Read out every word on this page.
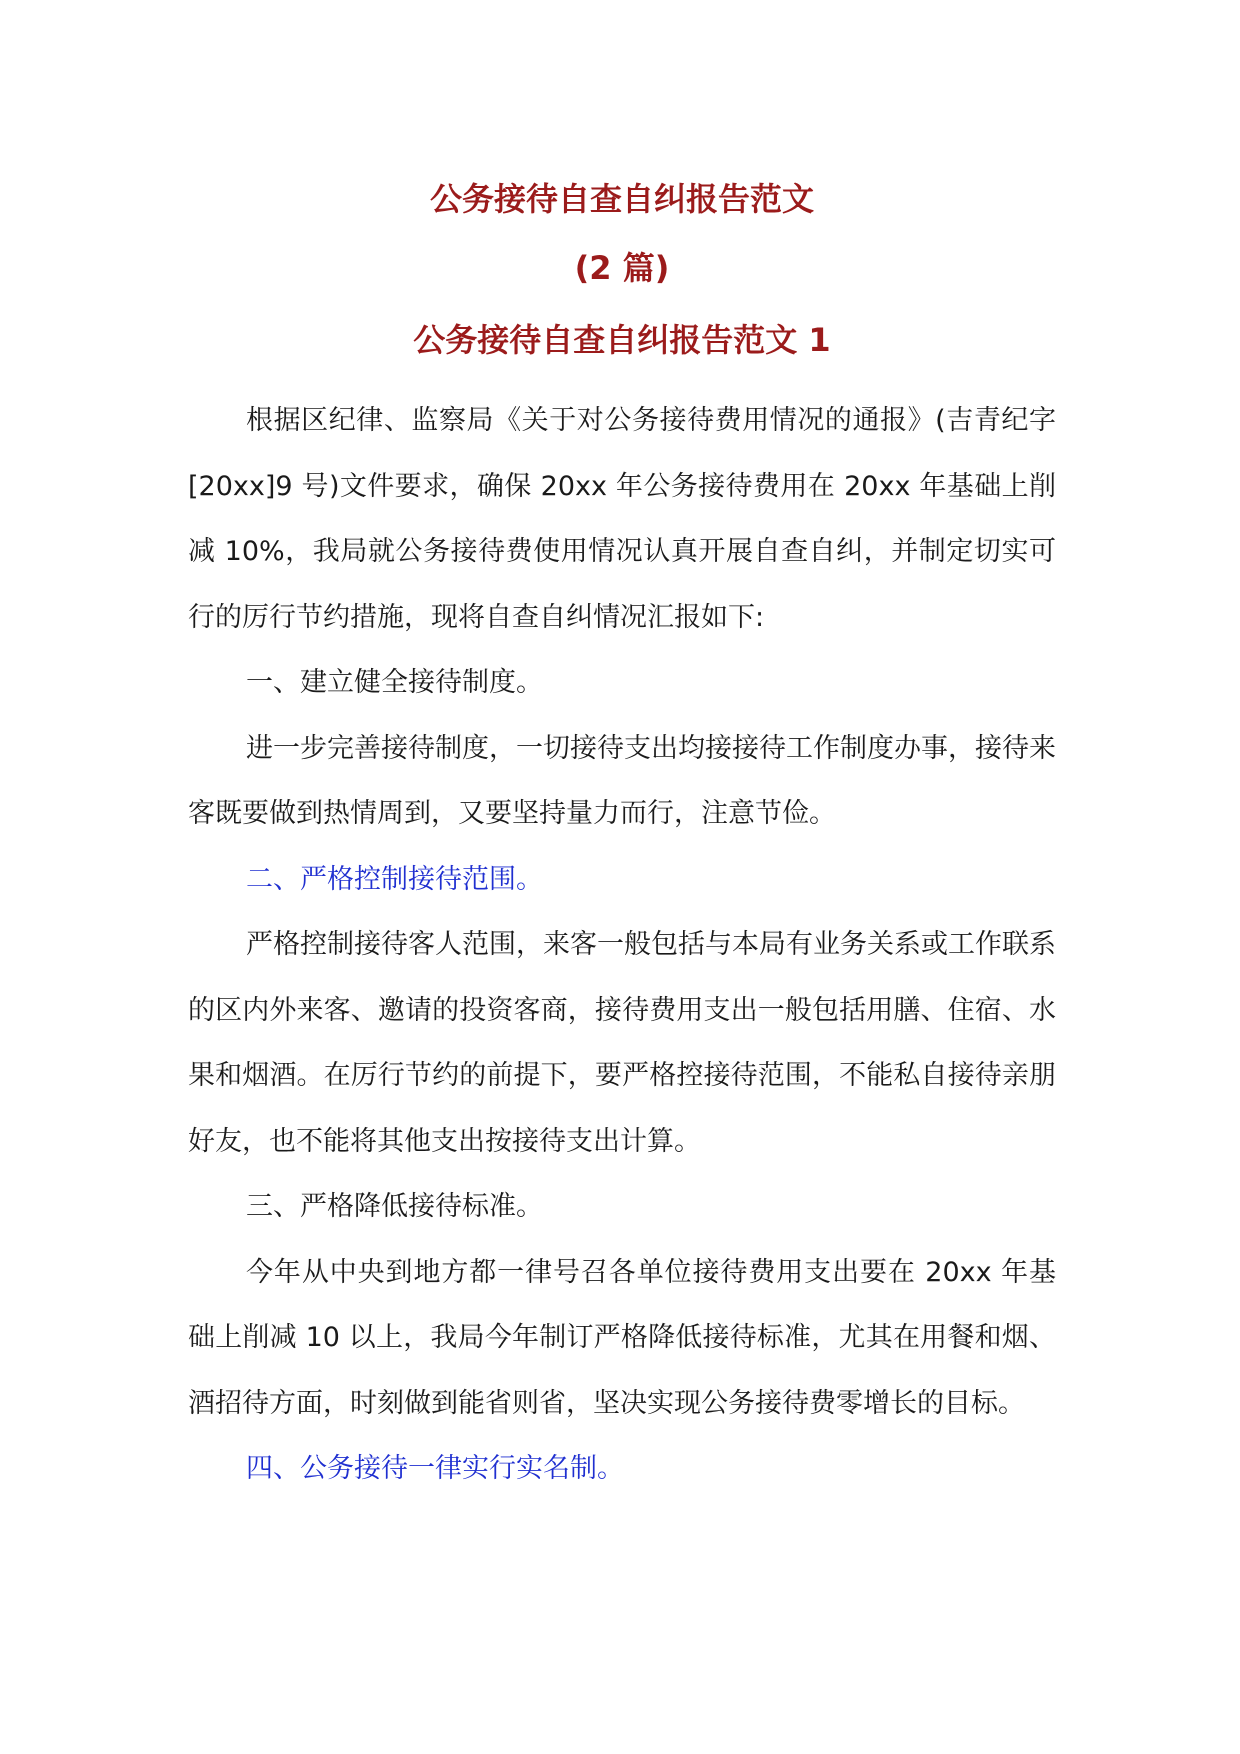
公务接待自查自纠报告范文
(2 篇)
公务接待自查自纠报告范文 1

根据区纪律、监察局《关于对公务接待费用情况的通报》(吉青纪字[20xx]9 号)文件要求，确保 20xx 年公务接待费用在 20xx 年基础上削减 10%，我局就公务接待费使用情况认真开展自查自纠，并制定切实可行的厉行节约措施，现将自查自纠情况汇报如下:

一、建立健全接待制度。

进一步完善接待制度，一切接待支出均接接待工作制度办事，接待来客既要做到热情周到，又要坚持量力而行，注意节俭。

二、严格控制接待范围。

严格控制接待客人范围，来客一般包括与本局有业务关系或工作联系的区内外来客、邀请的投资客商，接待费用支出一般包括用膳、住宿、水果和烟酒。在厉行节约的前提下，要严格控接待范围，不能私自接待亲朋好友，也不能将其他支出按接待支出计算。

三、严格降低接待标准。

今年从中央到地方都一律号召各单位接待费用支出要在 20xx 年基础上削减 10 以上，我局今年制订严格降低接待标准，尤其在用餐和烟、酒招待方面，时刻做到能省则省，坚决实现公务接待费零增长的目标。

四、公务接待一律实行实名制。
